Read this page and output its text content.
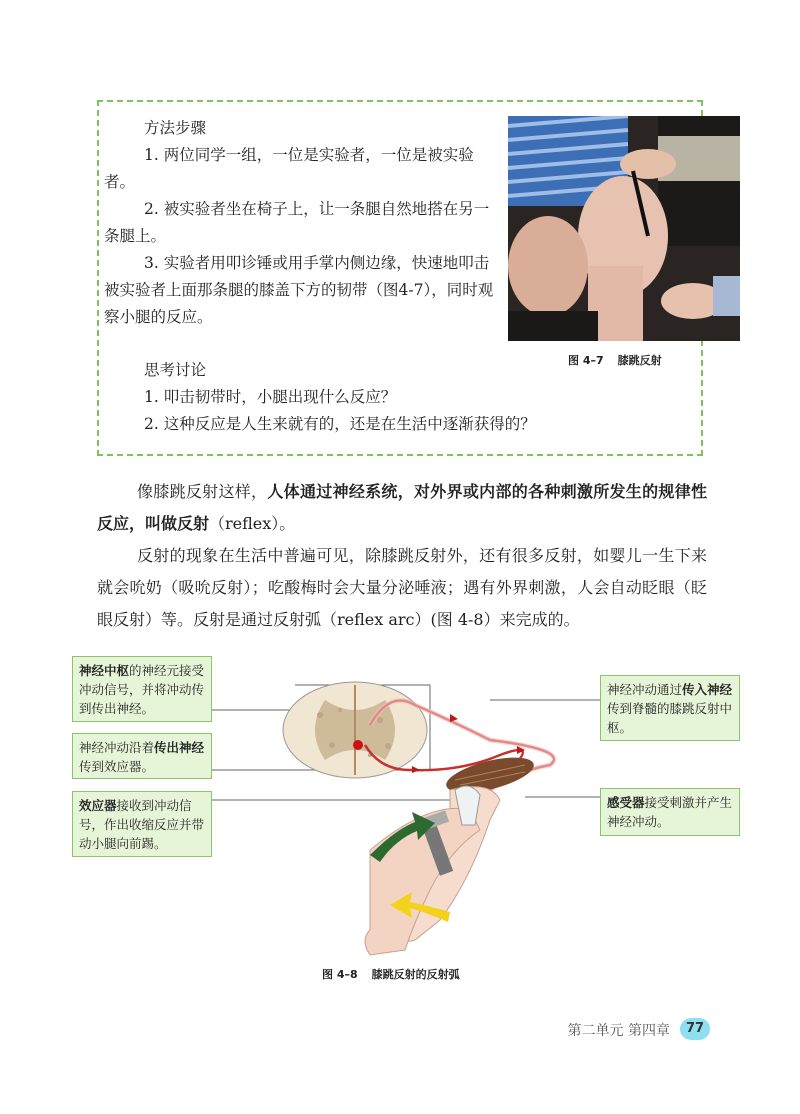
方法步骤

1. 两位同学一组，一位是实验者，一位是被实验者。

2. 被实验者坐在椅子上，让一条腿自然地搭在另一条腿上。

3. 实验者用叩诊锤或用手掌内侧边缘，快速地叩击被实验者上面那条腿的膝盖下方的韧带（图4-7），同时观察小腿的反应。

思考讨论

1. 叩击韧带时，小腿出现什么反应？

2. 这种反应是人生来就有的，还是在生活中逐渐获得的？

图 4–7 膝跳反射

像膝跳反射这样，人体通过神经系统，对外界或内部的各种刺激所发生的规律性反应，叫做反射（reflex）。

反射的现象在生活中普遍可见，除膝跳反射外，还有很多反射，如婴儿一生下来就会吮奶（吸吮反射）；吃酸梅时会大量分泌唾液；遇有外界刺激，人会自动眨眼（眨眼反射）等。反射是通过反射弧（reflex arc）(图 4-8）来完成的。

神经中枢的神经元接受冲动信号，并将冲动传到传出神经。
神经冲动沿着传出神经传到效应器。
效应器接收到冲动信号，作出收缩反应并带动小腿向前踢。
神经冲动通过传入神经传到脊髓的膝跳反射中枢。
感受器接受刺激并产生神经冲动。
图 4–8 膝跳反射的反射弧
第二单元 第四章	77
